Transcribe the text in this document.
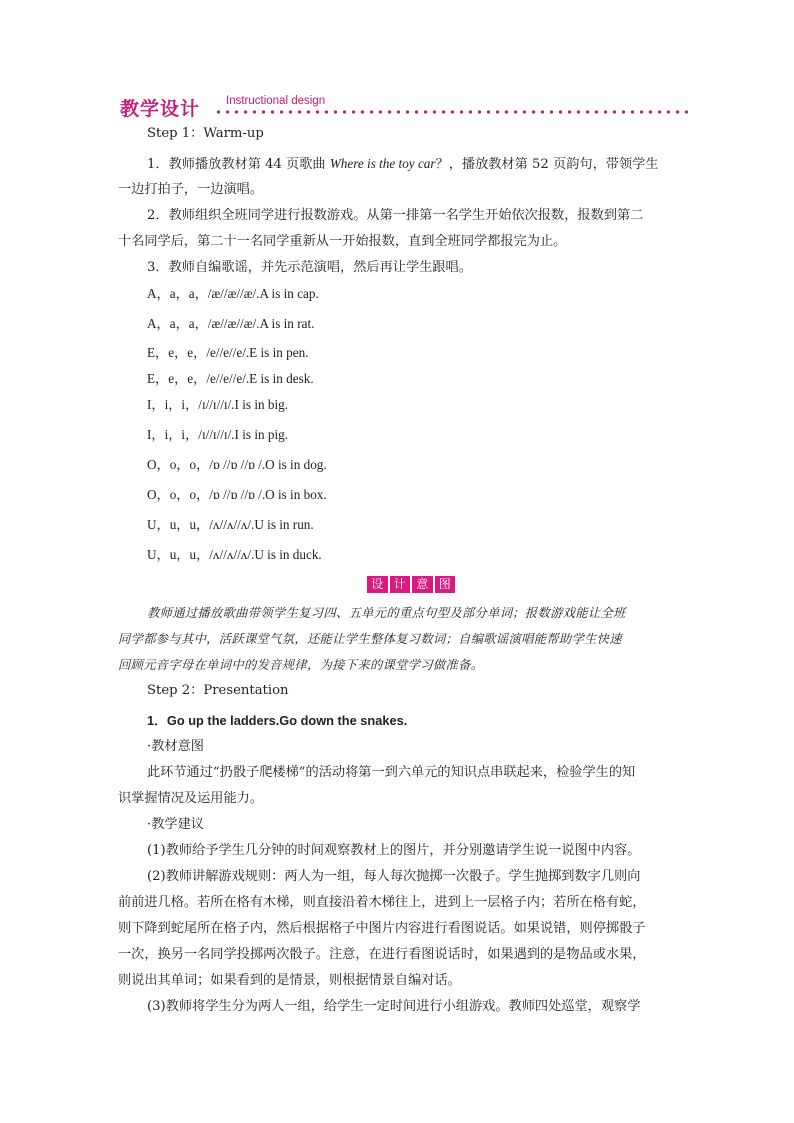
教学设计 Instructional design
Step 1：Warm-up
1．教师播放教材第 44 页歌曲 Where is the toy car？，播放教材第 52 页韵句，带领学生
一边打拍子，一边演唱。
2．教师组织全班同学进行报数游戏。从第一排第一名学生开始依次报数，报数到第二
十名同学后，第二十一名同学重新从一开始报数，直到全班同学都报完为止。
3．教师自编歌谣，并先示范演唱，然后再让学生跟唱。
A，a，a，/æ//æ//æ/.A is in cap.
A，a，a，/æ//æ//æ/.A is in rat.
E，e，e，/e//e//e/.E is in pen.
E，e，e，/e//e//e/.E is in desk.
I，i，i，/ɪ//ɪ//ɪ/.I is in big.
I，i，i，/ɪ//ɪ//ɪ/.I is in pig.
O，o，o，/ɒ //ɒ //ɒ /.O is in dog.
O，o，o，/ɒ //ɒ //ɒ /.O is in box.
U，u，u，/ʌ//ʌ//ʌ/.U is in run.
U，u，u，/ʌ//ʌ//ʌ/.U is in duck.
设 计 意 图
教师通过播放歌曲带领学生复习四、五单元的重点句型及部分单词；报数游戏能让全班
同学都参与其中，活跃课堂气氛，还能让学生整体复习数词；自编歌谣演唱能帮助学生快速
回顾元音字母在单词中的发音规律，为接下来的课堂学习做准备。
Step 2：Presentation
1．Go up the ladders.Go down the snakes.
·教材意图
此环节通过“扔骰子爬楼梯”的活动将第一到六单元的知识点串联起来，检验学生的知
识掌握情况及运用能力。
·教学建议
(1)教师给予学生几分钟的时间观察教材上的图片，并分别邀请学生说一说图中内容。
(2)教师讲解游戏规则：两人为一组，每人每次抛掷一次骰子。学生抛掷到数字几则向
前前进几格。若所在格有木梯，则直接沿着木梯往上，进到上一层格子内；若所在格有蛇，
则下降到蛇尾所在格子内，然后根据格子中图片内容进行看图说话。如果说错，则停掷骰子
一次，换另一名同学投掷两次骰子。注意，在进行看图说话时，如果遇到的是物品或水果，
则说出其单词；如果看到的是情景，则根据情景自编对话。
(3)教师将学生分为两人一组，给学生一定时间进行小组游戏。教师四处巡堂，观察学
